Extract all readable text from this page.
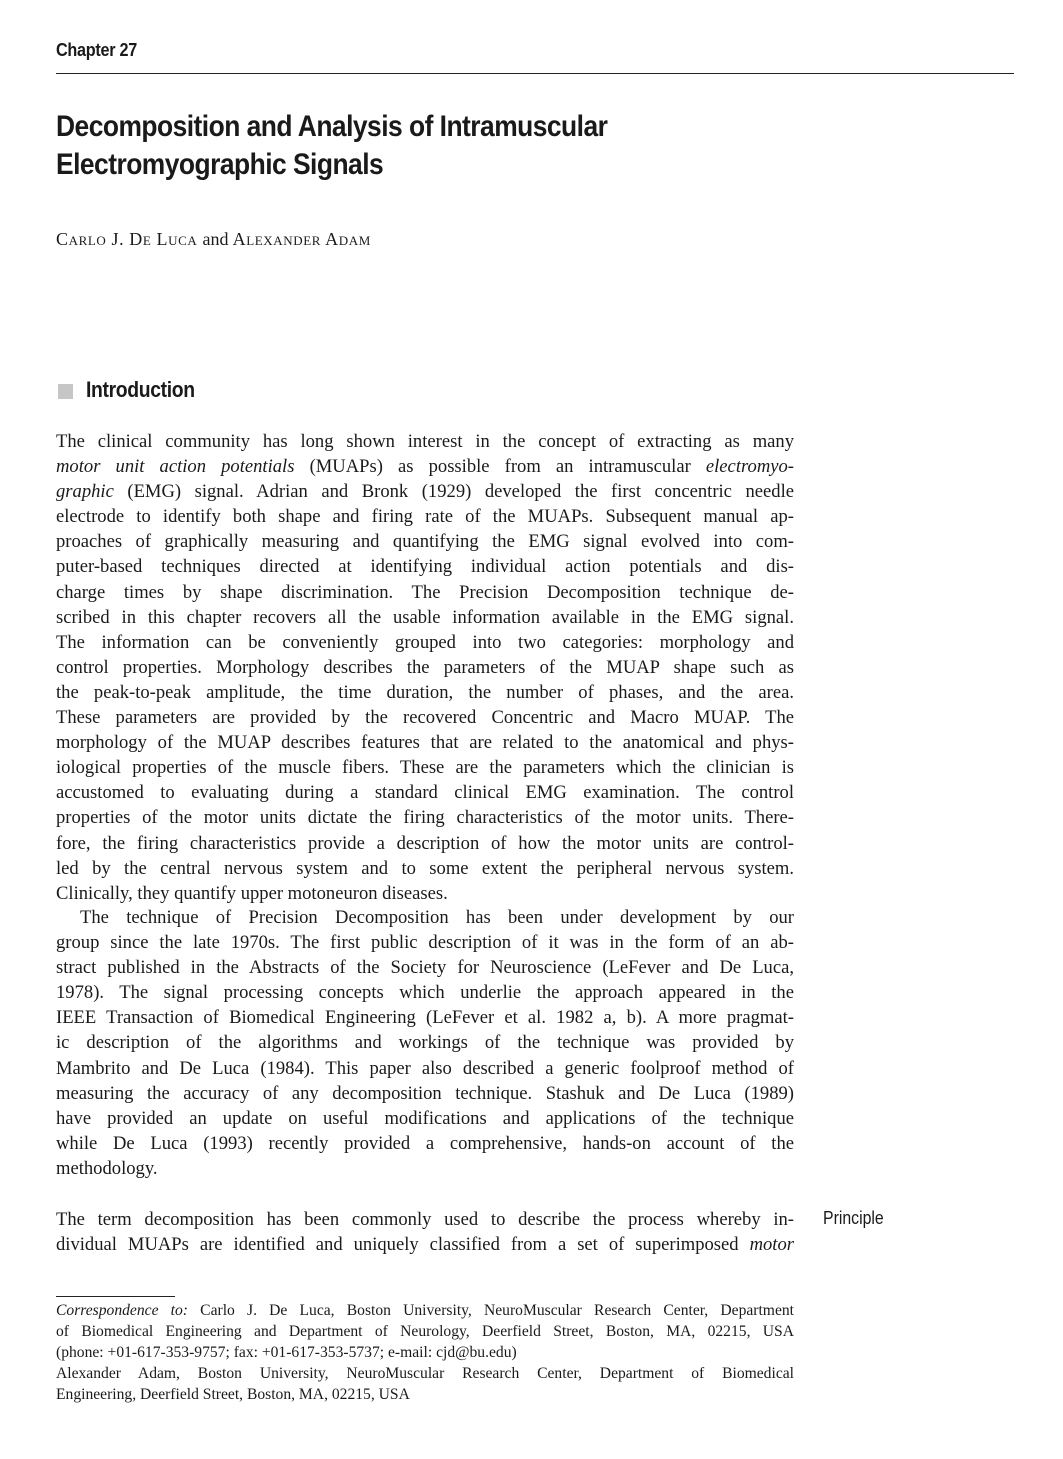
Chapter 27
Decomposition and Analysis of Intramuscular
Electromyographic Signals
Carlo J. De Luca and Alexander Adam
Introduction
The clinical community has long shown interest in the concept of extracting as many
motor unit action potentials (MUAPs) as possible from an intramuscular electromyo-
graphic (EMG) signal. Adrian and Bronk (1929) developed the first concentric needle
electrode to identify both shape and firing rate of the MUAPs. Subsequent manual ap-
proaches of graphically measuring and quantifying the EMG signal evolved into com-
puter-based techniques directed at identifying individual action potentials and dis-
charge times by shape discrimination. The Precision Decomposition technique de-
scribed in this chapter recovers all the usable information available in the EMG signal.
The information can be conveniently grouped into two categories: morphology and
control properties. Morphology describes the parameters of the MUAP shape such as
the peak-to-peak amplitude, the time duration, the number of phases, and the area.
These parameters are provided by the recovered Concentric and Macro MUAP. The
morphology of the MUAP describes features that are related to the anatomical and phys-
iological properties of the muscle fibers. These are the parameters which the clinician is
accustomed to evaluating during a standard clinical EMG examination. The control
properties of the motor units dictate the firing characteristics of the motor units. There-
fore, the firing characteristics provide a description of how the motor units are control-
led by the central nervous system and to some extent the peripheral nervous system.
Clinically, they quantify upper motoneuron diseases.
The technique of Precision Decomposition has been under development by our
group since the late 1970s. The first public description of it was in the form of an ab-
stract published in the Abstracts of the Society for Neuroscience (LeFever and De Luca,
1978). The signal processing concepts which underlie the approach appeared in the
IEEE Transaction of Biomedical Engineering (LeFever et al. 1982 a, b). A more pragmat-
ic description of the algorithms and workings of the technique was provided by
Mambrito and De Luca (1984). This paper also described a generic foolproof method of
measuring the accuracy of any decomposition technique. Stashuk and De Luca (1989)
have provided an update on useful modifications and applications of the technique
while De Luca (1993) recently provided a comprehensive, hands-on account of the
methodology.
The term decomposition has been commonly used to describe the process whereby in-
dividual MUAPs are identified and uniquely classified from a set of superimposed motor
Principle
Correspondence to: Carlo J. De Luca, Boston University, NeuroMuscular Research Center, Department
of Biomedical Engineering and Department of Neurology, Deerfield Street, Boston, MA, 02215, USA
(phone: +01-617-353-9757; fax: +01-617-353-5737; e-mail: cjd@bu.edu)
Alexander Adam, Boston University, NeuroMuscular Research Center, Department of Biomedical
Engineering, Deerfield Street, Boston, MA, 02215, USA
